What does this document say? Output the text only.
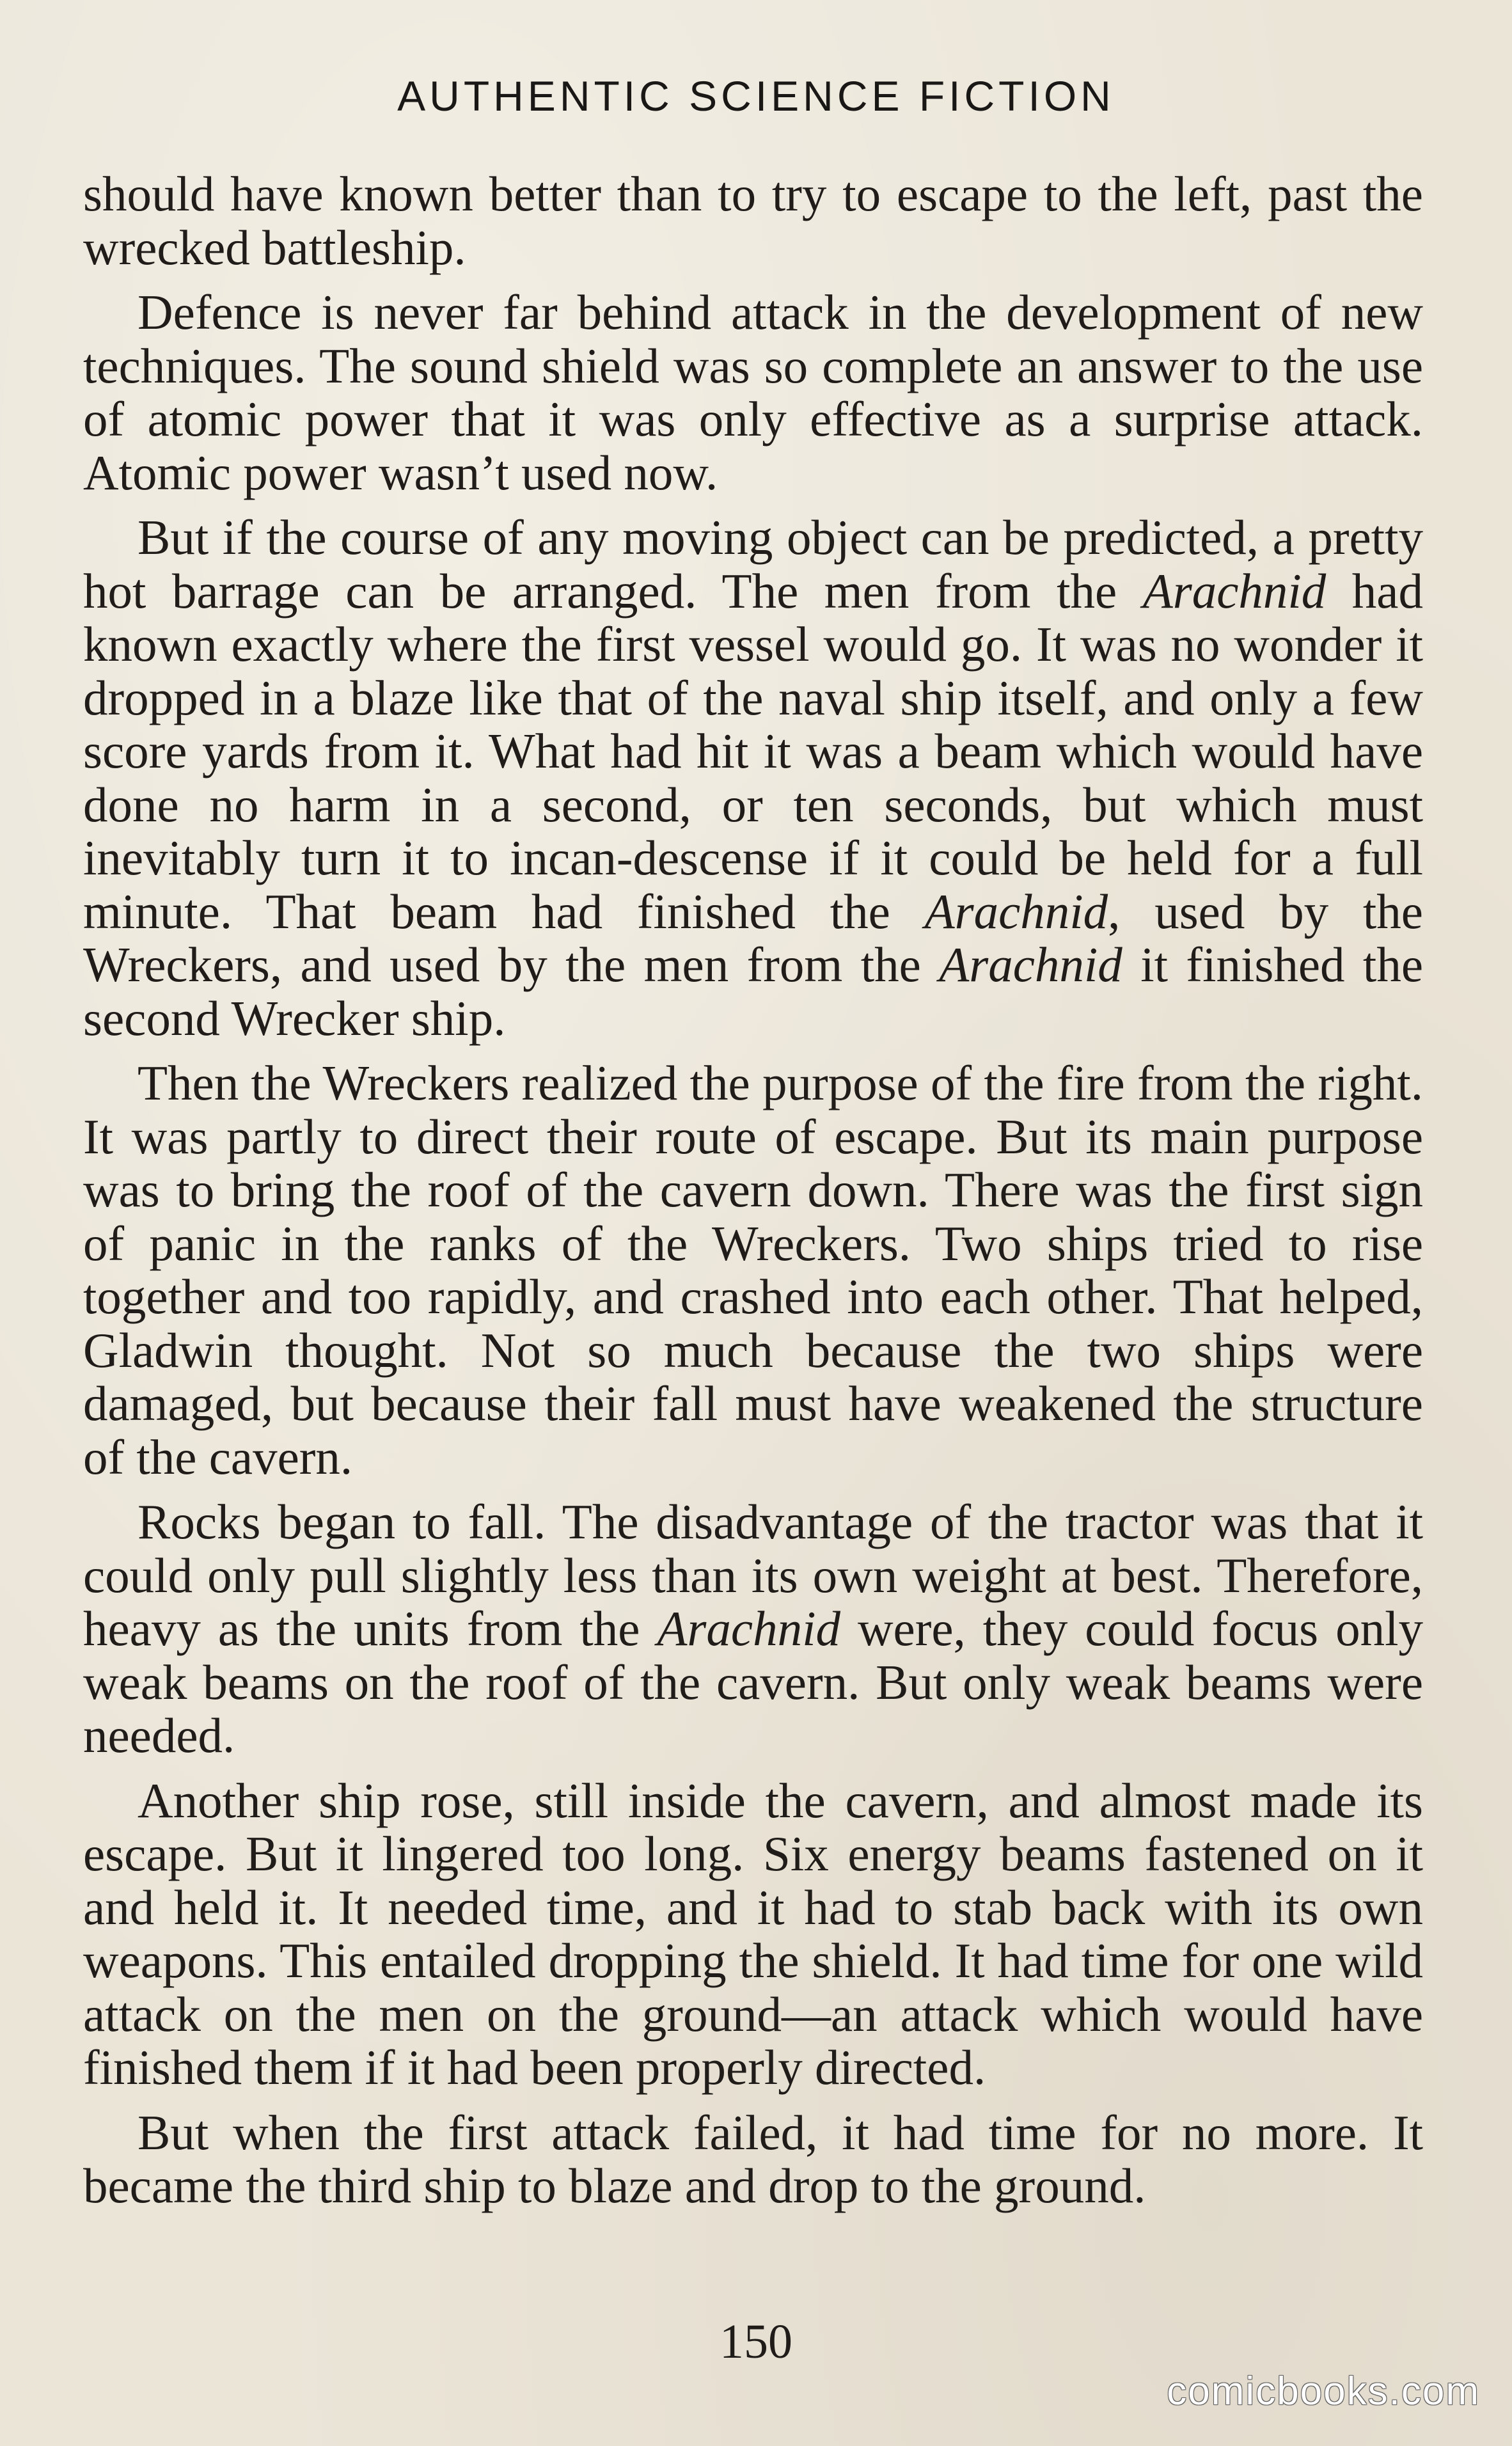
AUTHENTIC SCIENCE FICTION

should have known better than to try to escape to the left, past the wrecked battleship.

Defence is never far behind attack in the development of new techniques. The sound shield was so complete an answer to the use of atomic power that it was only effective as a surprise attack. Atomic power wasn’t used now.

But if the course of any moving object can be predicted, a pretty hot barrage can be arranged. The men from the Arachnid had known exactly where the first vessel would go. It was no wonder it dropped in a blaze like that of the naval ship itself, and only a few score yards from it. What had hit it was a beam which would have done no harm in a second, or ten seconds, but which must inevitably turn it to incan-descense if it could be held for a full minute. That beam had finished the Arachnid, used by the Wreckers, and used by the men from the Arachnid it finished the second Wrecker ship.

Then the Wreckers realized the purpose of the fire from the right. It was partly to direct their route of escape. But its main purpose was to bring the roof of the cavern down. There was the first sign of panic in the ranks of the Wreckers. Two ships tried to rise together and too rapidly, and crashed into each other. That helped, Gladwin thought. Not so much because the two ships were damaged, but because their fall must have weakened the structure of the cavern.

Rocks began to fall. The disadvantage of the tractor was that it could only pull slightly less than its own weight at best. Therefore, heavy as the units from the Arachnid were, they could focus only weak beams on the roof of the cavern. But only weak beams were needed.

Another ship rose, still inside the cavern, and almost made its escape. But it lingered too long. Six energy beams fastened on it and held it. It needed time, and it had to stab back with its own weapons. This entailed dropping the shield. It had time for one wild attack on the men on the ground—an attack which would have finished them if it had been properly directed.

But when the first attack failed, it had time for no more. It became the third ship to blaze and drop to the ground.

150
comicbooks.com
